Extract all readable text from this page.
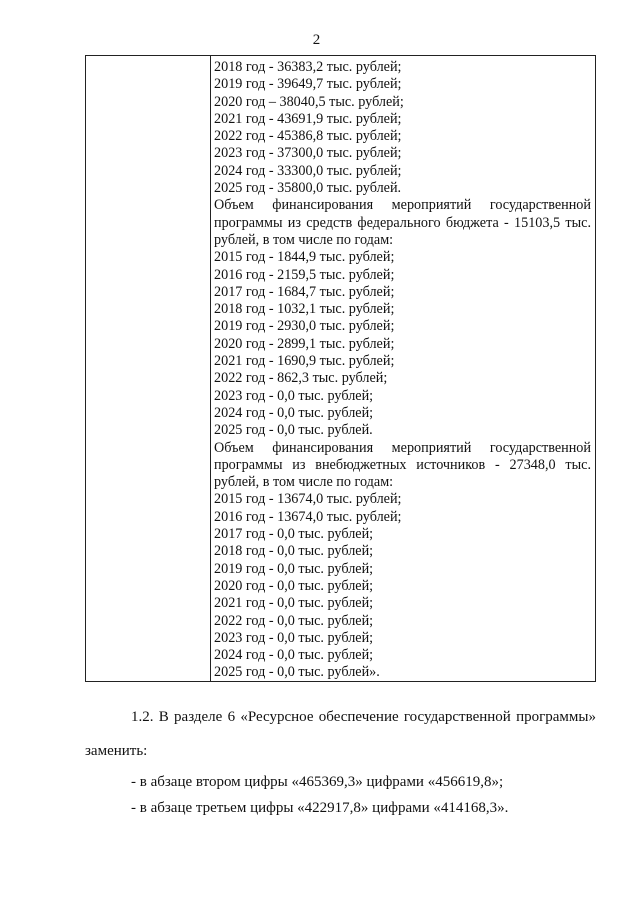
2
2018 год - 36383,2 тыс. рублей;
2019 год - 39649,7 тыс. рублей;
2020 год – 38040,5 тыс. рублей;
2021 год - 43691,9 тыс. рублей;
2022 год - 45386,8 тыс. рублей;
2023 год - 37300,0 тыс. рублей;
2024 год - 33300,0 тыс. рублей;
2025 год - 35800,0 тыс. рублей.
Объем финансирования мероприятий государственной программы из средств федерального бюджета - 15103,5 тыс. рублей, в том числе по годам:
2015 год - 1844,9 тыс. рублей;
2016 год - 2159,5 тыс. рублей;
2017 год - 1684,7 тыс. рублей;
2018 год - 1032,1 тыс. рублей;
2019 год - 2930,0 тыс. рублей;
2020 год - 2899,1 тыс. рублей;
2021 год - 1690,9 тыс. рублей;
2022 год - 862,3 тыс. рублей;
2023 год - 0,0 тыс. рублей;
2024 год - 0,0 тыс. рублей;
2025 год - 0,0 тыс. рублей.
Объем финансирования мероприятий государственной программы из внебюджетных источников - 27348,0 тыс. рублей, в том числе по годам:
2015 год - 13674,0 тыс. рублей;
2016 год - 13674,0 тыс. рублей;
2017 год - 0,0 тыс. рублей;
2018 год - 0,0 тыс. рублей;
2019 год - 0,0 тыс. рублей;
2020 год - 0,0 тыс. рублей;
2021 год - 0,0 тыс. рублей;
2022 год - 0,0 тыс. рублей;
2023 год - 0,0 тыс. рублей;
2024 год - 0,0 тыс. рублей;
2025 год - 0,0 тыс. рублей».
1.2. В разделе 6 «Ресурсное обеспечение государственной программы» заменить:
- в абзаце втором цифры «465369,3» цифрами «456619,8»;
- в абзаце третьем цифры «422917,8» цифрами «414168,3».
